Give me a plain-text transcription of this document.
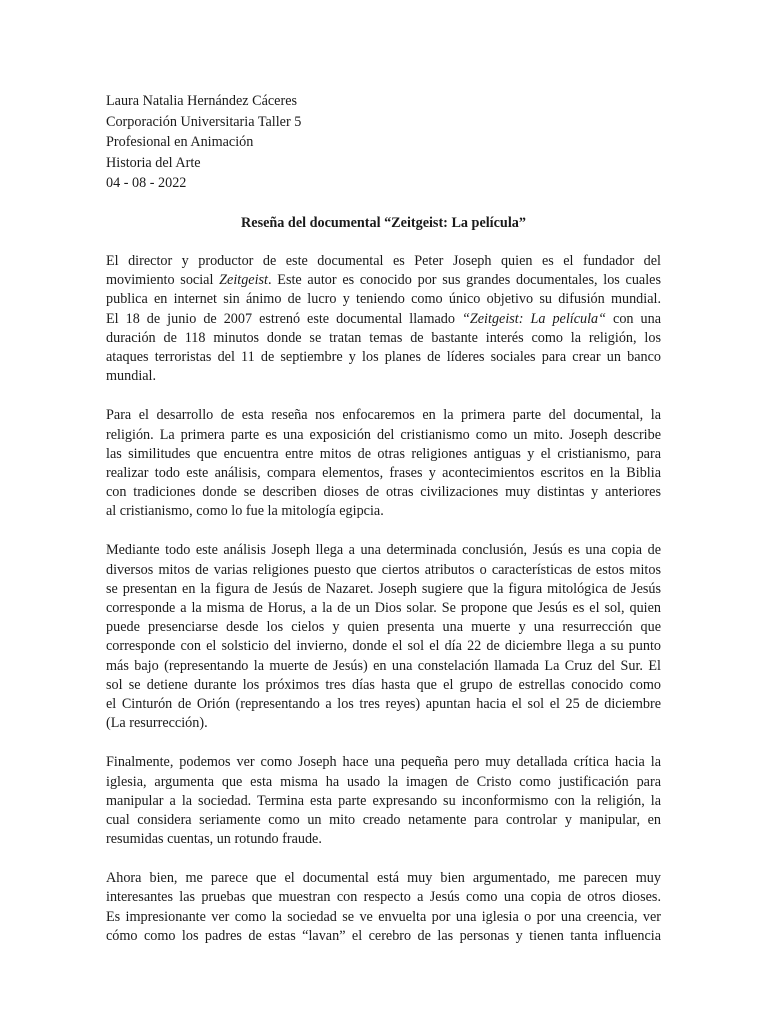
Laura Natalia Hernández Cáceres
Corporación Universitaria Taller 5
Profesional en Animación
Historia del Arte
04 - 08 - 2022
Reseña del documental “Zeitgeist: La película”
El director y productor de este documental es Peter Joseph quien es el fundador del
movimiento social Zeitgeist. Este autor es conocido por sus grandes documentales, los cuales
publica en internet sin ánimo de lucro y teniendo como único objetivo su difusión mundial.
El 18 de junio de 2007 estrenó este documental llamado “Zeitgeist: La película“ con una
duración de 118 minutos donde se tratan temas de bastante interés como la religión, los
ataques terroristas del 11 de septiembre y los planes de líderes sociales para crear un banco
mundial.
Para el desarrollo de esta reseña nos enfocaremos en la primera parte del documental, la
religión. La primera parte es una exposición del cristianismo como un mito. Joseph describe
las similitudes que encuentra entre mitos de otras religiones antiguas y el cristianismo, para
realizar todo este análisis, compara elementos, frases y acontecimientos escritos en la Biblia
con tradiciones donde se describen dioses de otras civilizaciones muy distintas y anteriores
al cristianismo, como lo fue la mitología egipcia.
Mediante todo este análisis Joseph llega a una determinada conclusión, Jesús es una copia de
diversos mitos de varias religiones puesto que ciertos atributos o características de estos mitos
se presentan en la figura de Jesús de Nazaret. Joseph sugiere que la figura mitológica de Jesús
corresponde a la misma de Horus, a la de un Dios solar. Se propone que Jesús es el sol, quien
puede presenciarse desde los cielos y quien presenta una muerte y una resurrección que
corresponde con el solsticio del invierno, donde el sol el día 22 de diciembre llega a su punto
más bajo (representando la muerte de Jesús) en una constelación llamada La Cruz del Sur. El
sol se detiene durante los próximos tres días hasta que el grupo de estrellas conocido como
el Cinturón de Orión (representando a los tres reyes) apuntan hacia el sol el 25 de diciembre
(La resurrección).
Finalmente, podemos ver como Joseph hace una pequeña pero muy detallada crítica hacia la
iglesia, argumenta que esta misma ha usado la imagen de Cristo como justificación para
manipular a la sociedad. Termina esta parte expresando su inconformismo con la religión, la
cual considera seriamente como un mito creado netamente para controlar y manipular, en
resumidas cuentas, un rotundo fraude.
Ahora bien, me parece que el documental está muy bien argumentado, me parecen muy
interesantes las pruebas que muestran con respecto a Jesús como una copia de otros dioses.
Es impresionante ver como la sociedad se ve envuelta por una iglesia o por una creencia, ver
cómo como los padres de estas “lavan” el cerebro de las personas y tienen tanta influencia
